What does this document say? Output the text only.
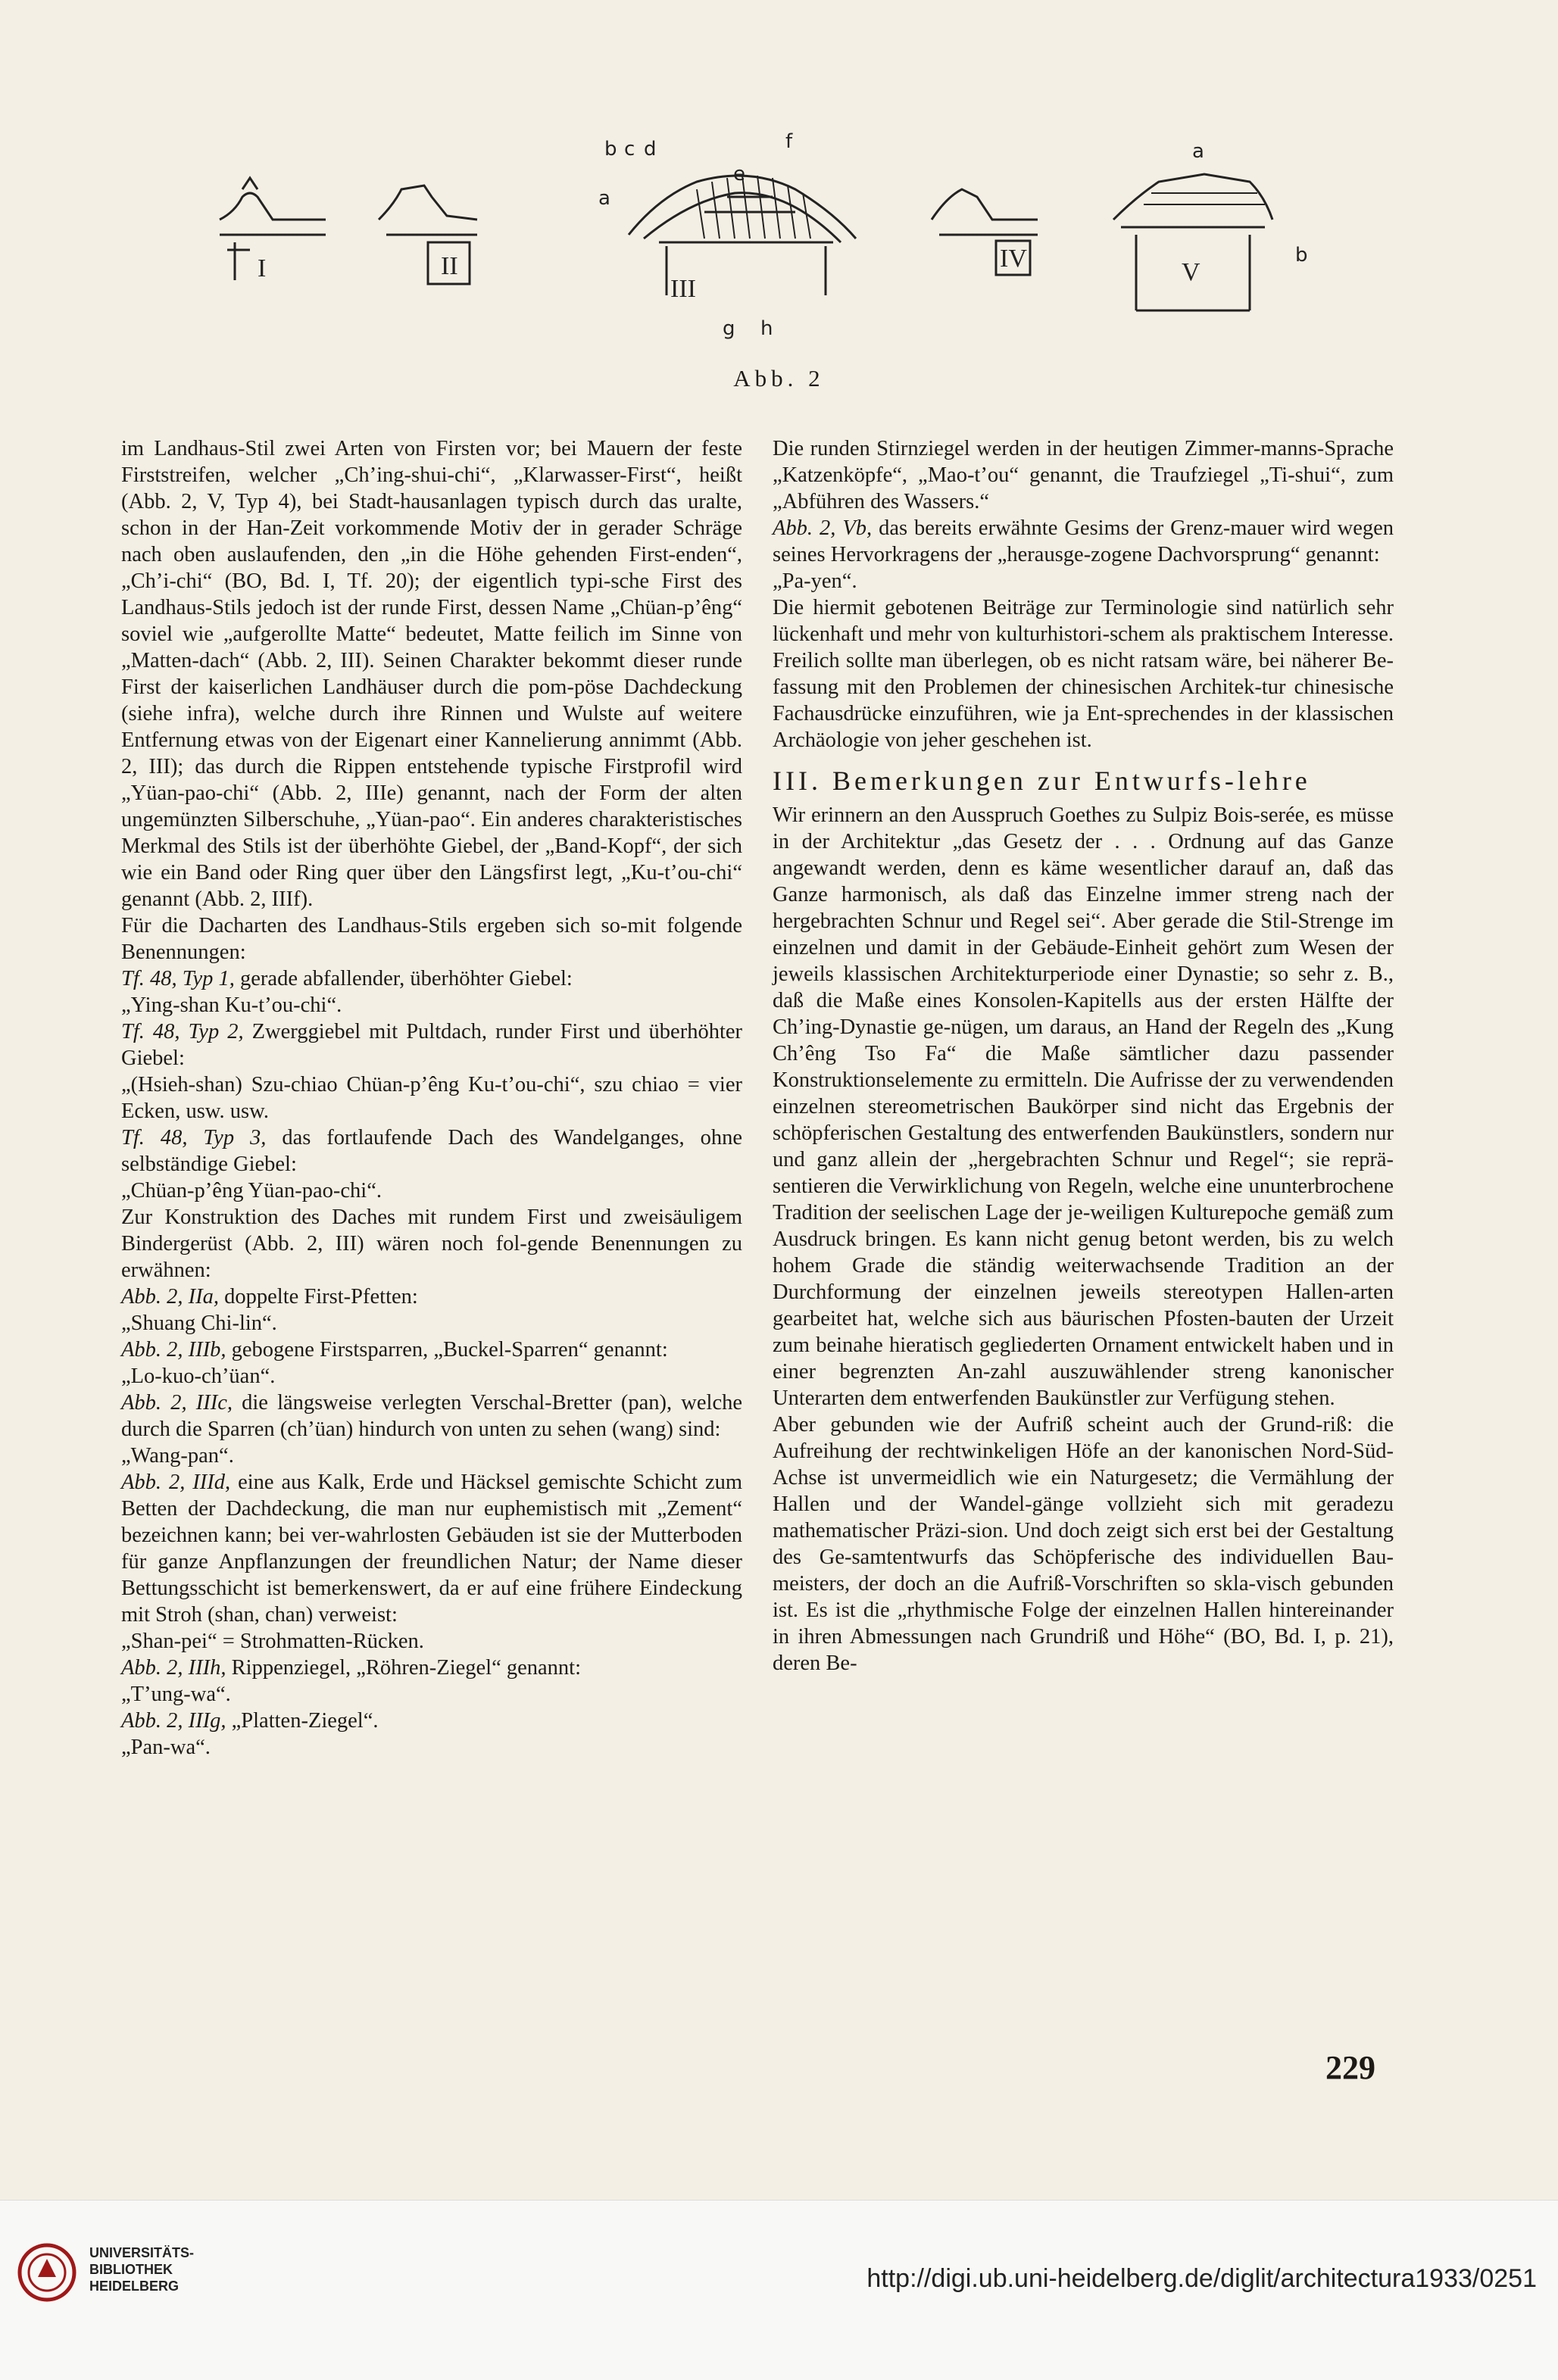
I	II
III
IV	V
a
b c d
e
f
g h
a
b
Abb. 2

im Landhaus-Stil zwei Arten von Firsten vor; bei Mauern der feste Firststreifen, welcher „Ch’ing-shui-chi“, „Klarwasser-First“, heißt (Abb. 2, V, Typ 4), bei Stadt-hausanlagen typisch durch das uralte, schon in der Han-Zeit vorkommende Motiv der in gerader Schräge nach oben auslaufenden, den „in die Höhe gehenden First-enden“, „Ch’i-chi“ (BO, Bd. I, Tf. 20); der eigentlich typi-sche First des Landhaus-Stils jedoch ist der runde First, dessen Name „Chüan-p’êng“ soviel wie „aufgerollte Matte“ bedeutet, Matte feilich im Sinne von „Matten-dach“ (Abb. 2, III). Seinen Charakter bekommt dieser runde First der kaiserlichen Landhäuser durch die pom-pöse Dachdeckung (siehe infra), welche durch ihre Rinnen und Wulste auf weitere Entfernung etwas von der Eigenart einer Kannelierung annimmt (Abb. 2, III); das durch die Rippen entstehende typische Firstprofil wird „Yüan-pao-chi“ (Abb. 2, IIIe) genannt, nach der Form der alten ungemünzten Silberschuhe, „Yüan-pao“. Ein anderes charakteristisches Merkmal des Stils ist der überhöhte Giebel, der „Band-Kopf“, der sich wie ein Band oder Ring quer über den Längsfirst legt, „Ku-t’ou-chi“ genannt (Abb. 2, IIIf).

Für die Dacharten des Landhaus-Stils ergeben sich so-mit folgende Benennungen:

Tf. 48, Typ 1, gerade abfallender, überhöhter Giebel:

„Ying-shan Ku-t’ou-chi“.

Tf. 48, Typ 2, Zwerggiebel mit Pultdach, runder First und überhöhter Giebel:

„(Hsieh-shan) Szu-chiao Chüan-p’êng Ku-t’ou-chi“, szu chiao = vier Ecken, usw. usw.

Tf. 48, Typ 3, das fortlaufende Dach des Wandelganges, ohne selbständige Giebel:

„Chüan-p’êng Yüan-pao-chi“.

Zur Konstruktion des Daches mit rundem First und zweisäuligem Bindergerüst (Abb. 2, III) wären noch fol-gende Benennungen zu erwähnen:

Abb. 2, IIa, doppelte First-Pfetten:

„Shuang Chi-lin“.

Abb. 2, IIIb, gebogene Firstsparren, „Buckel-Sparren“ genannt:

„Lo-kuo-ch’üan“.

Abb. 2, IIIc, die längsweise verlegten Verschal-Bretter (pan), welche durch die Sparren (ch’üan) hindurch von unten zu sehen (wang) sind:

„Wang-pan“.

Abb. 2, IIId, eine aus Kalk, Erde und Häcksel gemischte Schicht zum Betten der Dachdeckung, die man nur euphemistisch mit „Zement“ bezeichnen kann; bei ver-wahrlosten Gebäuden ist sie der Mutterboden für ganze Anpflanzungen der freundlichen Natur; der Name dieser Bettungsschicht ist bemerkenswert, da er auf eine frühere Eindeckung mit Stroh (shan, chan) verweist:

„Shan-pei“ = Strohmatten-Rücken.

Abb. 2, IIIh, Rippenziegel, „Röhren-Ziegel“ genannt:

„T’ung-wa“.

Abb. 2, IIIg, „Platten-Ziegel“.

„Pan-wa“.

Die runden Stirnziegel werden in der heutigen Zimmer-manns-Sprache „Katzenköpfe“, „Mao-t’ou“ genannt, die Traufziegel „Ti-shui“, zum „Abführen des Wassers.“

Abb. 2, Vb, das bereits erwähnte Gesims der Grenz-mauer wird wegen seines Hervorkragens der „herausge-zogene Dachvorsprung“ genannt:

„Pa-yen“.

Die hiermit gebotenen Beiträge zur Terminologie sind natürlich sehr lückenhaft und mehr von kulturhistori-schem als praktischem Interesse. Freilich sollte man überlegen, ob es nicht ratsam wäre, bei näherer Be-fassung mit den Problemen der chinesischen Architek-tur chinesische Fachausdrücke einzuführen, wie ja Ent-sprechendes in der klassischen Archäologie von jeher geschehen ist.

III. Bemerkungen zur Entwurfs-lehre

Wir erinnern an den Ausspruch Goethes zu Sulpiz Bois-serée, es müsse in der Architektur „das Gesetz der . . . Ordnung auf das Ganze angewandt werden, denn es käme wesentlicher darauf an, daß das Ganze harmonisch, als daß das Einzelne immer streng nach der hergebrachten Schnur und Regel sei“. Aber gerade die Stil-Strenge im einzelnen und damit in der Gebäude-Einheit gehört zum Wesen der jeweils klassischen Architekturperiode einer Dynastie; so sehr z. B., daß die Maße eines Konsolen-Kapitells aus der ersten Hälfte der Ch’ing-Dynastie ge-nügen, um daraus, an Hand der Regeln des „Kung Ch’êng Tso Fa“ die Maße sämtlicher dazu passender Konstruktionselemente zu ermitteln. Die Aufrisse der zu verwendenden einzelnen stereometrischen Baukörper sind nicht das Ergebnis der schöpferischen Gestaltung des entwerfenden Baukünstlers, sondern nur und ganz allein der „hergebrachten Schnur und Regel“; sie reprä-sentieren die Verwirklichung von Regeln, welche eine ununterbrochene Tradition der seelischen Lage der je-weiligen Kulturepoche gemäß zum Ausdruck bringen. Es kann nicht genug betont werden, bis zu welch hohem Grade die ständig weiterwachsende Tradition an der Durchformung der einzelnen jeweils stereotypen Hallen-arten gearbeitet hat, welche sich aus bäurischen Pfosten-bauten der Urzeit zum beinahe hieratisch gegliederten Ornament entwickelt haben und in einer begrenzten An-zahl auszuwählender streng kanonischer Unterarten dem entwerfenden Baukünstler zur Verfügung stehen.

Aber gebunden wie der Aufriß scheint auch der Grund-riß: die Aufreihung der rechtwinkeligen Höfe an der kanonischen Nord-Süd-Achse ist unvermeidlich wie ein Naturgesetz; die Vermählung der Hallen und der Wandel-gänge vollzieht sich mit geradezu mathematischer Präzi-sion. Und doch zeigt sich erst bei der Gestaltung des Ge-samtentwurfs das Schöpferische des individuellen Bau-meisters, der doch an die Aufriß-Vorschriften so skla-visch gebunden ist. Es ist die „rhythmische Folge der einzelnen Hallen hintereinander in ihren Abmessungen nach Grundriß und Höhe“ (BO, Bd. I, p. 21), deren Be-

229
UNIVERSITÄTS-
BIBLIOTHEK
HEIDELBERG	http://digi.ub.uni-heidelberg.de/diglit/architectura1933/0251
